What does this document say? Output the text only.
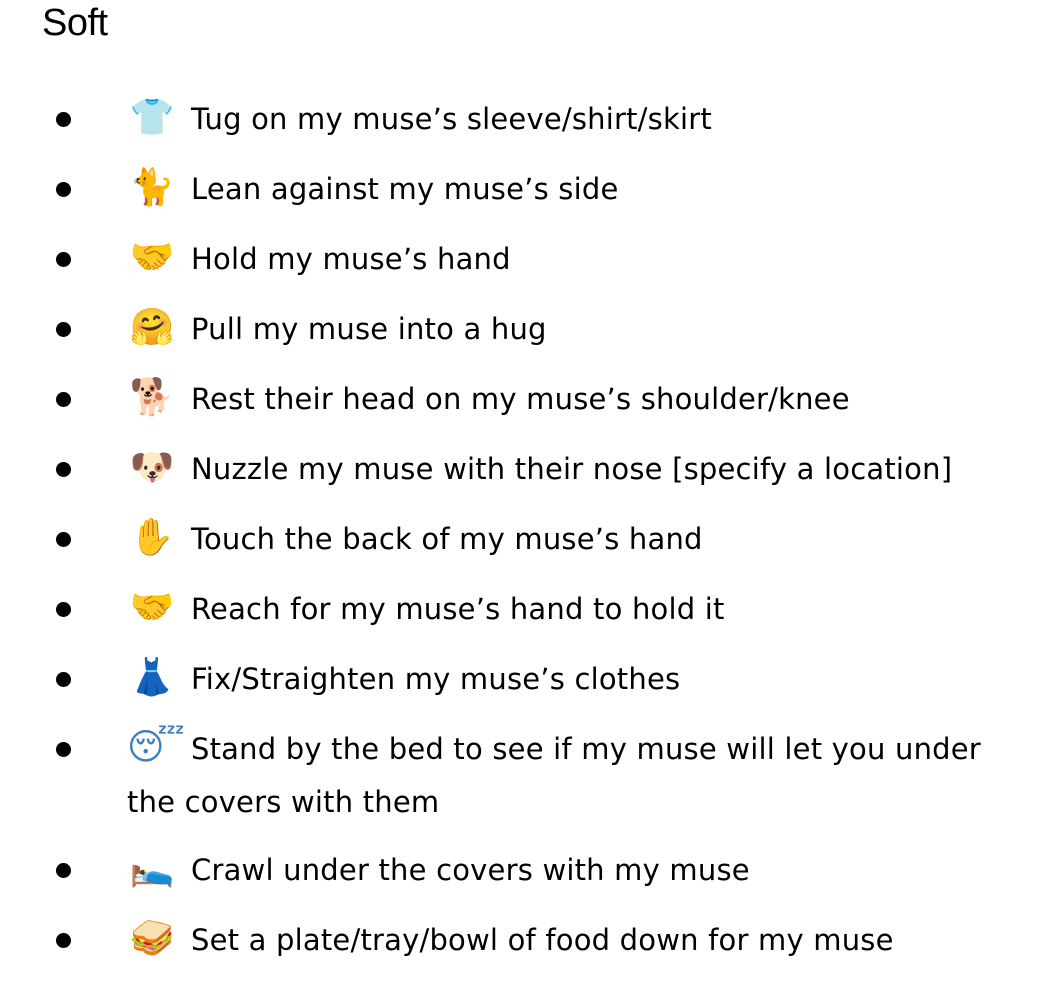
Soft
👕 Tug on my muse’s sleeve/shirt/skirt
🐈 Lean against my muse’s side
🤝 Hold my muse’s hand
🤗 Pull my muse into a hug
🐕 Rest their head on my muse’s shoulder/knee
🐶 Nuzzle my muse with their nose [specify a location]
✋ Touch the back of my muse’s hand
🤝 Reach for my muse’s hand to hold it
👗 Fix/Straighten my muse’s clothes
😴 Stand by the bed to see if my muse will let you under the covers with them
🛌 Crawl under the covers with my muse
🥪 Set a plate/tray/bowl of food down for my muse
